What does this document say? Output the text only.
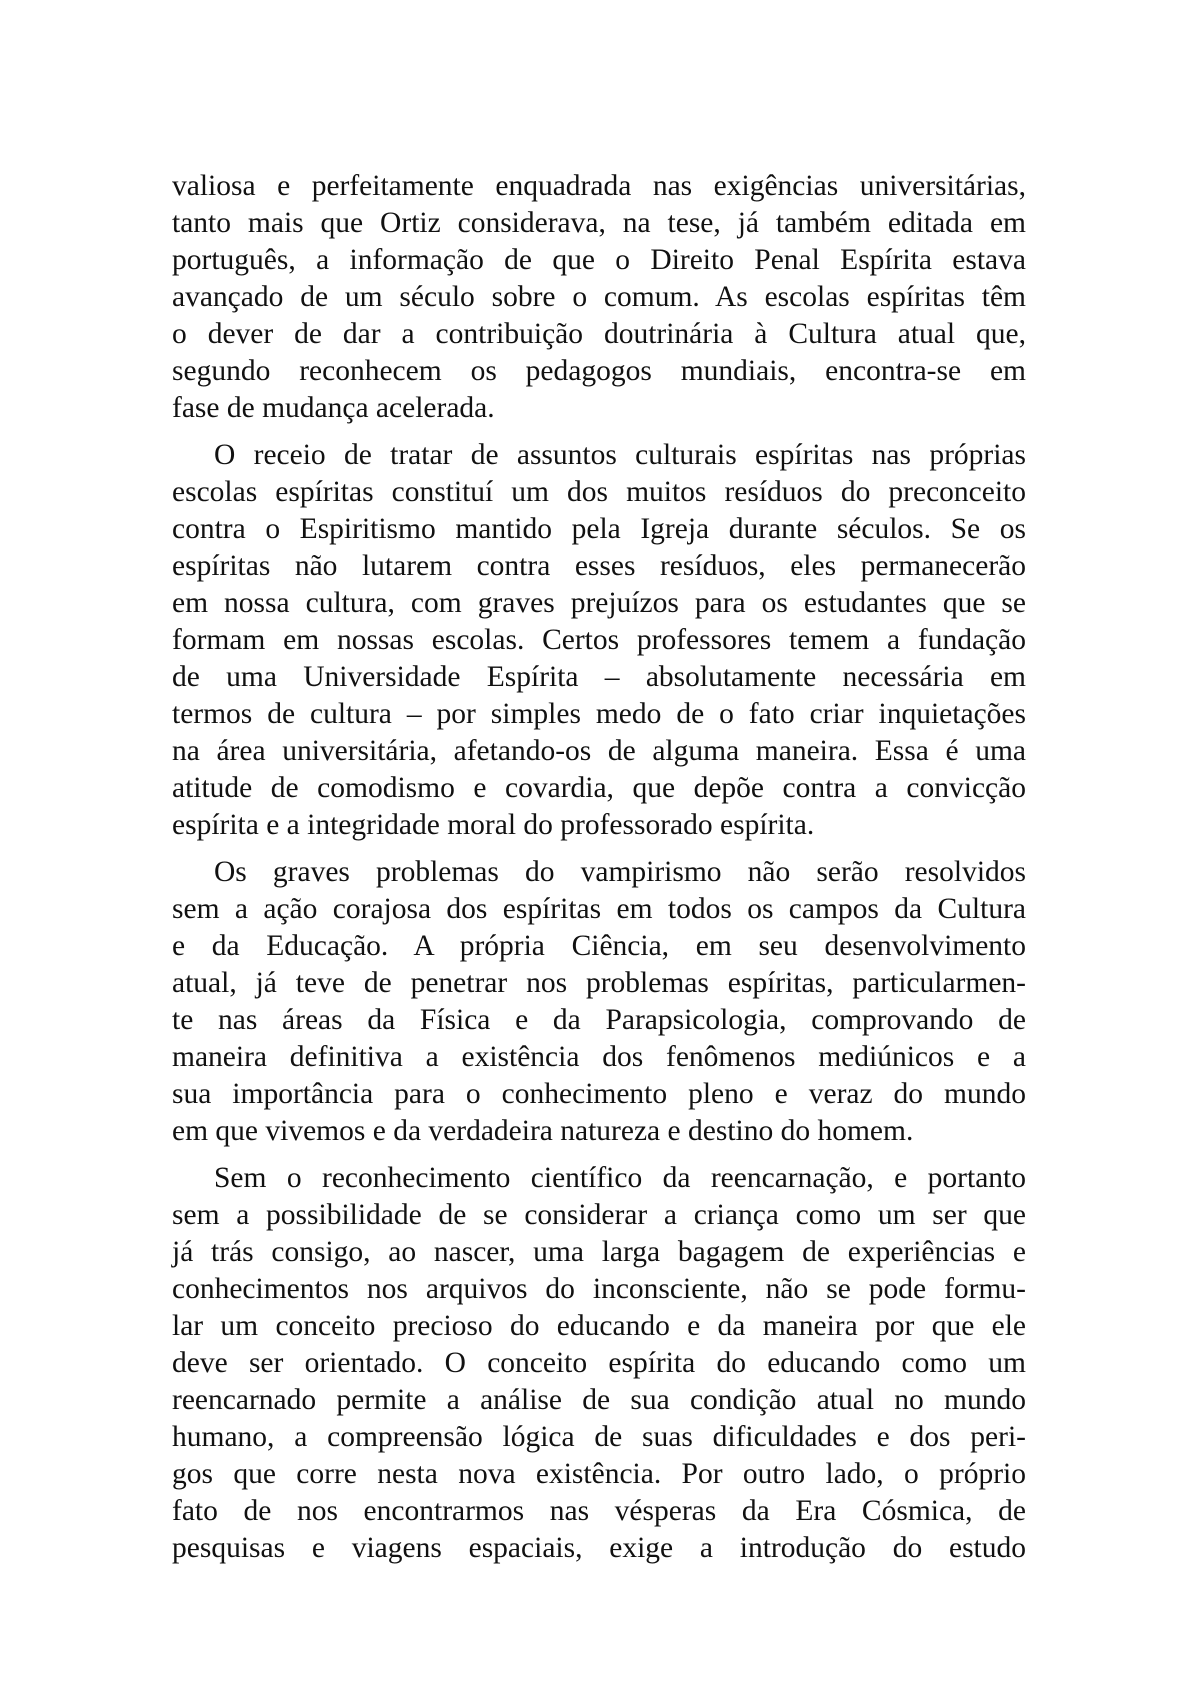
valiosa e perfeitamente enquadrada nas exigências universitárias,
tanto mais que Ortiz considerava, na tese, já também editada em
português, a informação de que o Direito Penal Espírita estava
avançado de um século sobre o comum. As escolas espíritas têm
o dever de dar a contribuição doutrinária à Cultura atual que,
segundo reconhecem os pedagogos mundiais, encontra-se em
fase de mudança acelerada.
O receio de tratar de assuntos culturais espíritas nas próprias
escolas espíritas constituí um dos muitos resíduos do preconceito
contra o Espiritismo mantido pela Igreja durante séculos. Se os
espíritas não lutarem contra esses resíduos, eles permanecerão
em nossa cultura, com graves prejuízos para os estudantes que se
formam em nossas escolas. Certos professores temem a fundação
de uma Universidade Espírita – absolutamente necessária em
termos de cultura – por simples medo de o fato criar inquietações
na área universitária, afetando-os de alguma maneira. Essa é uma
atitude de comodismo e covardia, que depõe contra a convicção
espírita e a integridade moral do professorado espírita.
Os graves problemas do vampirismo não serão resolvidos
sem a ação corajosa dos espíritas em todos os campos da Cultura
e da Educação. A própria Ciência, em seu desenvolvimento
atual, já teve de penetrar nos problemas espíritas, particularmen-
te nas áreas da Física e da Parapsicologia, comprovando de
maneira definitiva a existência dos fenômenos mediúnicos e a
sua importância para o conhecimento pleno e veraz do mundo
em que vivemos e da verdadeira natureza e destino do homem.
Sem o reconhecimento científico da reencarnação, e portanto
sem a possibilidade de se considerar a criança como um ser que
já trás consigo, ao nascer, uma larga bagagem de experiências e
conhecimentos nos arquivos do inconsciente, não se pode formu-
lar um conceito precioso do educando e da maneira por que ele
deve ser orientado. O conceito espírita do educando como um
reencarnado permite a análise de sua condição atual no mundo
humano, a compreensão lógica de suas dificuldades e dos peri-
gos que corre nesta nova existência. Por outro lado, o próprio
fato de nos encontrarmos nas vésperas da Era Cósmica, de
pesquisas e viagens espaciais, exige a introdução do estudo
